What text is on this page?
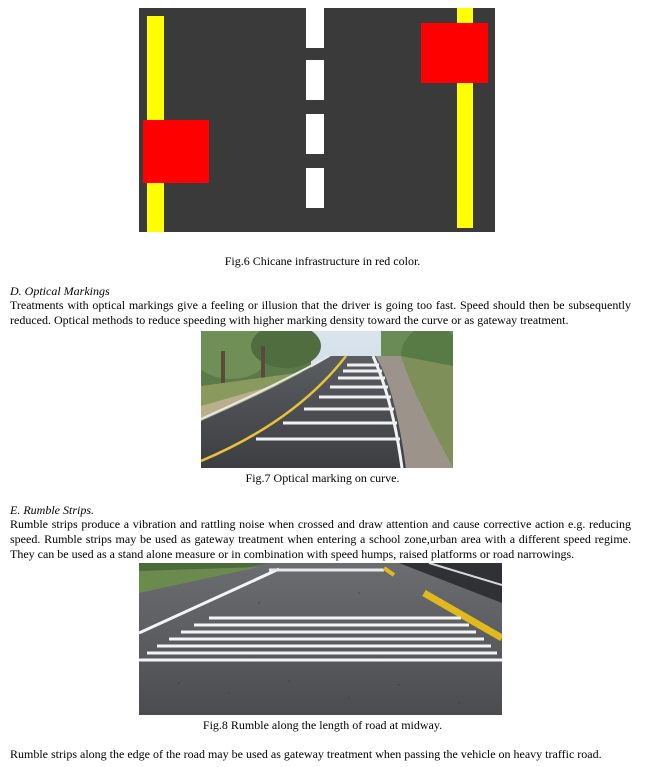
Fig.6 Chicane infrastructure in red color.
D. Optical Markings
Treatments with optical markings give a feeling or illusion that the driver is going too fast. Speed should then be subsequently reduced. Optical methods to reduce speeding with higher marking density toward the curve or as gateway treatment.
Fig.7 Optical marking on curve.
E. Rumble Strips.
Rumble strips produce a vibration and rattling noise when crossed and draw attention and cause corrective action e.g. reducing speed. Rumble strips may be used as gateway treatment when entering a school zone,urban area with a different speed regime. They can be used as a stand alone measure or in combination with speed humps, raised platforms or road narrowings.
Fig.8 Rumble along the length of road at midway.
Rumble strips along the edge of the road may be used as gateway treatment when passing the vehicle on heavy traffic road.
